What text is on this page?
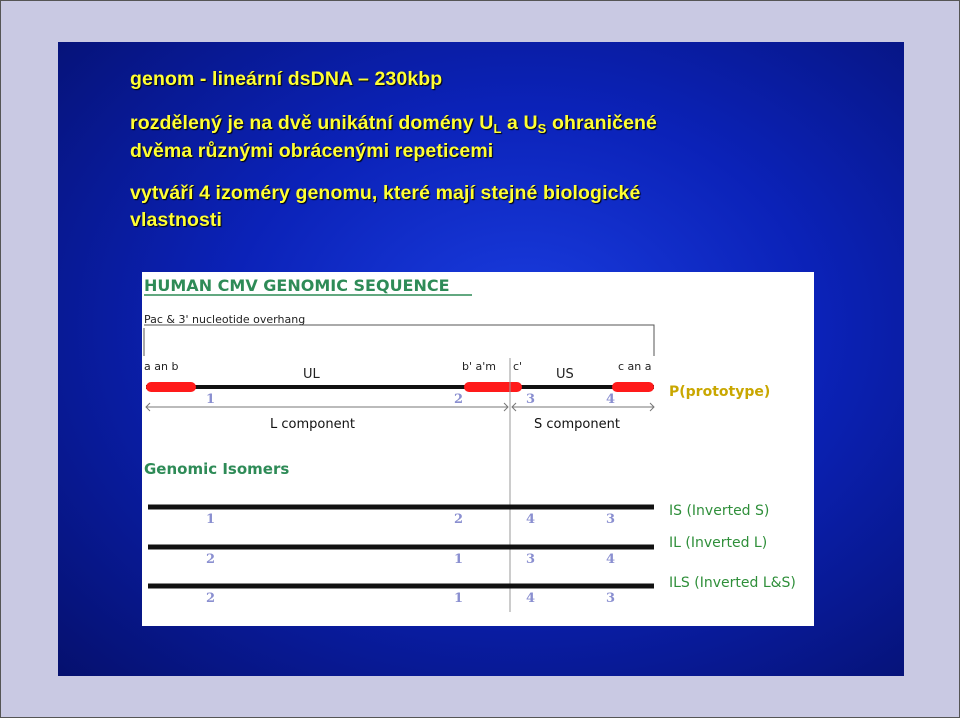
genom - lineární dsDNA – 230kbp
rozdělený je na dvě unikátní domény $U_L$ a $U_S$ ohraničené
dvěma různými obrácenými repeticemi
vytváří 4 izoméry genomu, které mají stejné biologické
vlastnosti
HUMAN CMV GENOMIC SEQUENCE
Pac & 3' nucleotide overhang
a an b
UL
b' a'm c'
US
c an a
P(prototype)
1	2	3	4
L component	S component
Genomic Isomers
1	2	4	3
IS (Inverted S)
2	1	3	4
IL (Inverted L)
2	1	4	3
ILS (Inverted L&S)
